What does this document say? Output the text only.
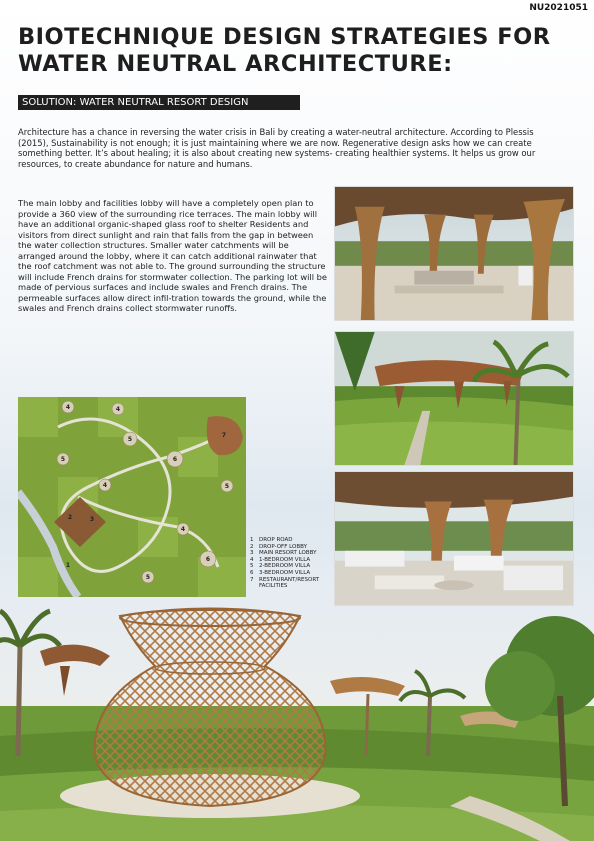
NU2021051
BIOTECHNIQUE DESIGN STRATEGIES FOR WATER NEUTRAL ARCHITECTURE:
SOLUTION: WATER NEUTRAL RESORT DESIGN

Architecture has a chance in reversing the water crisis in Bali by creating a water-neutral architecture. According to Plessis (2015), Sustainability is not enough; it is just maintaining where we are now. Regenerative design asks how we can create something better. It’s about healing; it is also about creating new systems- creating healthier systems. It helps us grow our resources, to create abundance for nature and humans.

The main lobby and facilities lobby will have a completely open plan to provide a 360 view of the surrounding rice terraces. The main lobby will have an additional organic-shaped glass roof to shelter Residents and visitors from direct sunlight and rain that falls from the gap in between the water collection structures. Smaller water catchments will be arranged around the lobby, where it can catch additional rainwater that the roof catchment was not able to. The ground surrounding the structure will include French drains for stormwater collection. The parking lot will be made of pervious surfaces and include swales and French drains. The permeable surfaces allow direct infil-tration towards the ground, while the swales and French drains collect stormwater runoffs.

4	4
5
5	6
4
4
6
5
5
7
2	3
1
1	DROP ROAD
2	DROP-OFF LOBBY
3	MAIN RESORT LOBBY
4	1-BEDROOM VILLA
5	2-BEDROOM VILLA
6	3-BEDROOM VILLA
7	RESTAURANT/RESORT FACILITIES
